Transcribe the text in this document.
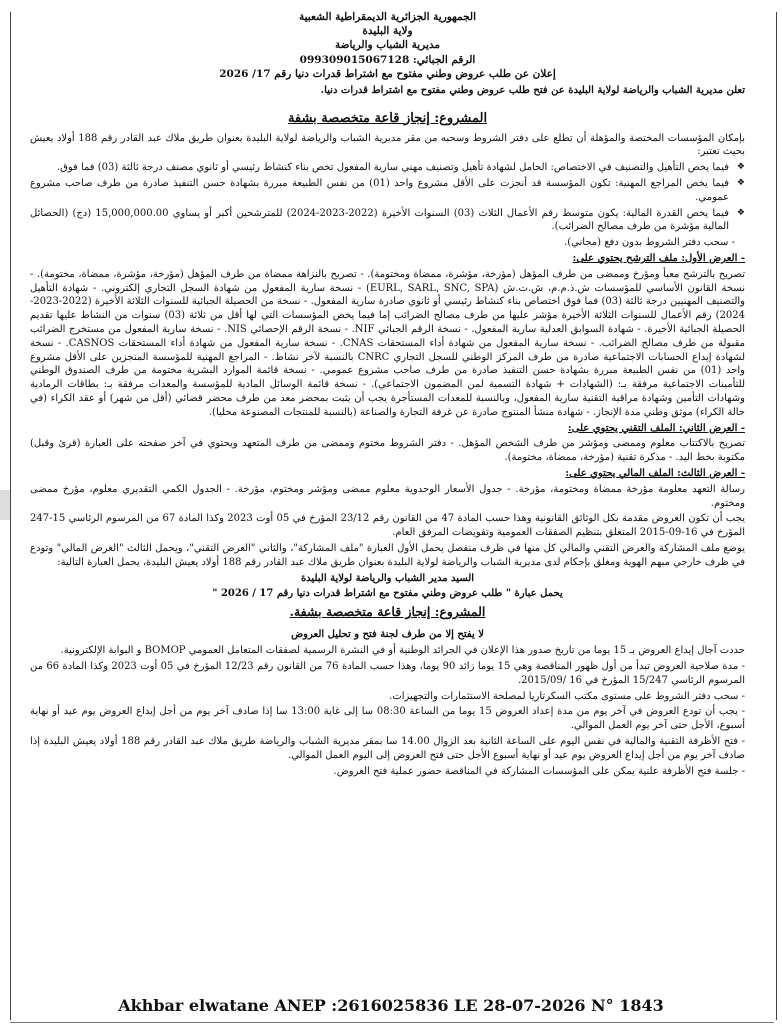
الجمهورية الجزائرية الديمقراطية الشعبية
ولاية البليدة
مديرية الشباب والرياضة
الرقم الجبائي: 099309015067128
إعلان عن طلب عروض وطني مفتوح مع اشتراط قدرات دنيا رقم 17/ 2026
تعلن مديرية الشباب والرياضة لولاية البليدة عن فتح طلب عروض وطني مفتوح مع اشتراط قدرات دنيا.
المشروع: إنجاز قاعة متخصصة بشفة

بإمكان المؤسسات المختصة والمؤهلة أن تطلع على دفتر الشروط وسحبه من مقر مديرية الشباب والرياضة لولاية البليدة بعنوان طريق ملاك عبد القادر رقم 188 أولاد يعيش بحيث تعتبر:

❖ فيما يخص التأهيل والتصنيف في الاختصاص: الحامل لشهادة تأهيل وتصنيف مهني سارية المفعول تخص بناء كنشاط رئيسي أو ثانوي مصنف درجة ثالثة (03) فما فوق.

❖ فيما يخص المراجع المهنية: تكون المؤسسة قد أنجزت على الأقل مشروع واحد (01) من نفس الطبيعة مبررة بشهادة حسن التنفيذ صادرة من طرف صاحب مشروع عمومي.

❖ فيما يخص القدرة المالية: يكون متوسط رقم الأعمال الثلاث (03) السنوات الأخيرة (2022-2023-2024) للمترشحين أكبر أو يساوي 15,000,000.00 (دج) (الحصائل المالية مؤشرة من طرف مصالح الضرائب).

- سحب دفتر الشروط بدون دفع (مجاني).

- العرض الأول: ملف الترشح يحتوي على:

تصريح بالترشح معبأ ومؤرخ وممضى من طرف المؤهل (مؤرخة، مؤشرة، ممضاة ومختومة). - تصريح بالنزاهة ممضاة من طرف المؤهل (مؤرخة، مؤشرة، ممضاة، مختومة). - نسخة القانون الأساسي للمؤسسات ش.ذ.م.م، ش.ت.ش (EURL, SARL, SNC, SPA) - نسخة سارية المفعول من شهادة السجل التجاري إلكتروني. - شهادة التأهيل والتصنيف المهنيين درجة ثالثة (03) فما فوق اختصاص بناء كنشاط رئيسي أو ثانوي صادرة سارية المفعول. - نسخة من الحصيلة الجبائية للسنوات الثلاثة الأخيرة (2022-2023-2024) رقم الأعمال للسنوات الثلاثة الأخيرة مؤشر عليها من طرف مصالح الضرائب إما فيما يخص المؤسسات التي لها أقل من ثلاثة (03) سنوات من النشاط عليها تقديم الحصيلة الجبائية الأخيرة. - شهادة السوابق العدلية سارية المفعول. - نسخة الرقم الجبائي NIF. - نسخة الرقم الإحصائي NIS. - نسخة سارية المفعول من مستخرج الضرائب مقبولة من طرف مصالح الضرائب. - نسخة سارية المفعول من شهادة أداء المستحقات CNAS. - نسخة سارية المفعول من شهادة أداء المستحقات CASNOS. - نسخة لشهادة إيداع الحسابات الاجتماعية صادرة من طرف المركز الوطني للسجل التجاري CNRC بالنسبة لآخر نشاط. - المراجع المهنية للمؤسسة المنجزين على الأقل مشروع واحد (01) من نفس الطبيعة مبررة بشهادة حسن التنفيذ صادرة من طرف صاحب مشروع عمومي. - نسخة قائمة الموارد البشرية مختومة من طرف الصندوق الوطني للتأمينات الاجتماعية مرفقة بـ: (الشهادات + شهادة التسمية لمن المضمون الاجتماعي). - نسخة قائمة الوسائل المادية للمؤسسة والمعدات مرفقة بـ: بطاقات الرمادية وشهادات التأمين وشهادة مراقبة التقنية سارية المفعول، وبالنسبة للمعدات المستأجرة يجب أن يثبت بمحضر معد من طرف محضر قضائي (أقل من شهر) أو عقد الكراء (في حالة الكراء) موثق وطني مدة الإنجاز. - شهادة منشأ المنتوج صادرة عن غرفة التجارة والصناعة (بالنسبة للمنتجات المصنوعة محليا).

- العرض الثاني: الملف التقني يحتوي على:

تصريح بالاكتتاب معلوم وممضى ومؤشر من طرف الشخص المؤهل. - دفتر الشروط مختوم وممضى من طرف المتعهد ويحتوي في آخر صفحته على العبارة (قرئ وقبل) مكتوبة بخط اليد. - مذكرة تقنية (مؤرخة، ممضاة، مختومة).

- العرض الثالث: الملف المالي يحتوي على:

رسالة التعهد معلومة مؤرخة ممضاة ومختومة، مؤرخة. - جدول الأسعار الوحدوية معلوم ممضى ومؤشر ومختوم، مؤرخة. - الجدول الكمي التقديري معلوم، مؤرخ ممضى ومختوم.

يجب أن تكون العروض مقدمة بكل الوثائق القانونية وهذا حسب المادة 47 من القانون رقم 23/12 المؤرخ في 05 أوت 2023 وكذا المادة 67 من المرسوم الرئاسي 15-247 المؤرخ في 16-09-2015 المتعلق بتنظيم الصفقات العمومية وتفويضات المرفق العام.

يوضع ملف المشاركة والعرض التقني والمالي كل منها في ظرف منفصل يحمل الأول العبارة "ملف المشاركة"، والثاني "العرض التقني"، ويحمل الثالث "العرض المالي" وتودع في ظرف خارجي مبهم الهوية ومغلق بإحكام لدى مديرية الشباب والرياضة لولاية البليدة بعنوان طريق ملاك عبد القادر رقم 188 أولاد يعيش البليدة، يحمل العبارة التالية:

السيد مدير الشباب والرياضة لولاية البليدة

يحمل عبارة " طلب عروض وطني مفتوح مع اشتراط قدرات دنيا رقم 17 / 2026 "

المشروع: إنجاز قاعة متخصصة بشفة.

لا يفتح إلا من طرف لجنة فتح و تحليل العروض

حددت آجال إيداع العروض بـ 15 يوما من تاريخ صدور هذا الإعلان في الجرائد الوطنية أو في النشرة الرسمية لصفقات المتعامل العمومي BOMOP و البوابة الإلكترونية.

- مدة صلاحية العروض تبدأ من أول ظهور المناقصة وهي 15 يوما زائد 90 يوما، وهذا حسب المادة 76 من القانون رقم 12/23 المؤرخ في 05 أوت 2023 وكذا المادة 66 من المرسوم الرئاسي 15/247 المؤرخ في 16 /2015/09.

- سحب دفتر الشروط على مستوى مكتب السكرتاريا لمصلحة الاستثمارات والتجهيزات.

- يجب أن تودع العروض في آخر يوم من مدة إعداد العروض 15 يوما من الساعة 08:30 سا إلى غاية 13:00 سا إذا صادف آخر يوم من أجل إيداع العروض يوم عيد أو نهاية أسبوع، الأجل حتى آخر يوم العمل الموالي.

- فتح الأظرفة التقنية والمالية في نفس اليوم على الساعة الثانية بعد الزوال 14.00 سا بمقر مديرية الشباب والرياضة طريق ملاك عبد القادر رقم 188 أولاد يعيش البليدة إذا صادف آخر يوم من أجل إيداع العروض يوم عيد أو نهاية أسبوع الأجل حتى فتح العروض إلى اليوم العمل الموالي.

- جلسة فتح الأظرفة علنية يمكن على المؤسسات المشاركة في المناقصة حضور عملية فتح العروض.

Akhbar elwatane ANEP :2616025836 LE 28-07-2026 N° 1843
